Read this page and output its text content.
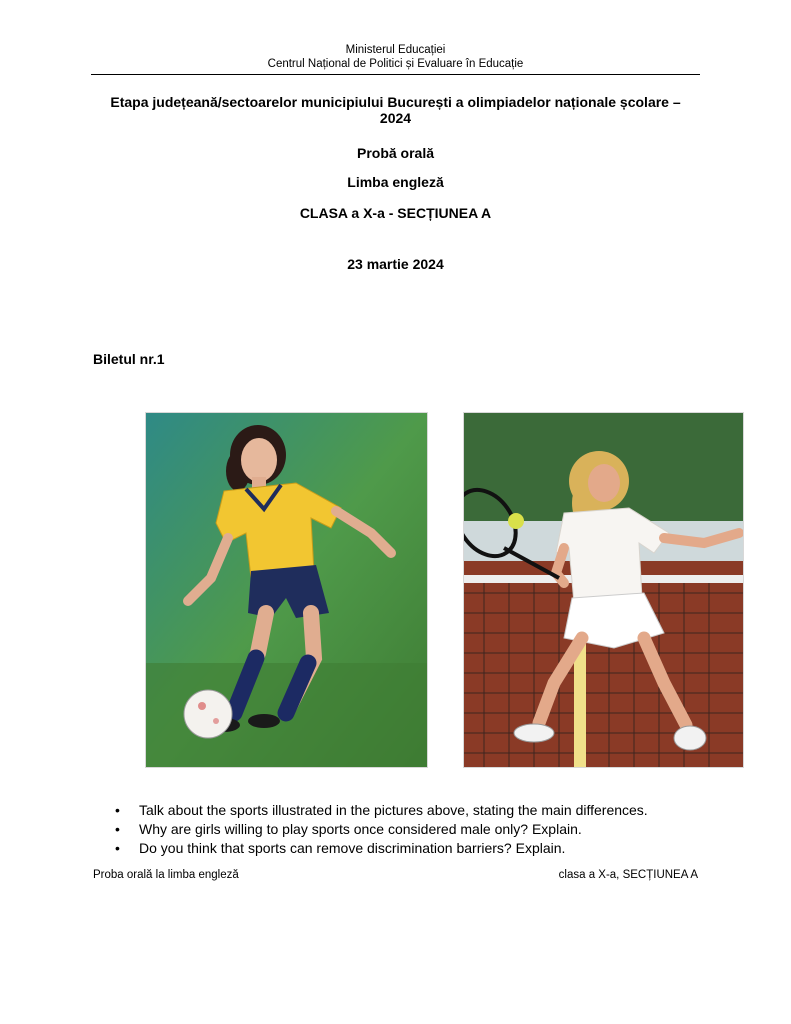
Ministerul Educației
Centrul Național de Politici și Evaluare în Educație
Etapa județeană/sectoarelor municipiului București a olimpiadelor naționale școlare –
2024
Probă orală
Limba engleză
CLASA a X-a - SECȚIUNEA A
23 martie 2024
Biletul nr.1
• Talk about the sports illustrated in the pictures above, stating the main differences.
• Why are girls willing to play sports once considered male only? Explain.
• Do you think that sports can remove discrimination barriers? Explain.
Proba orală la limba engleză	clasa a X-a, SECȚIUNEA A
